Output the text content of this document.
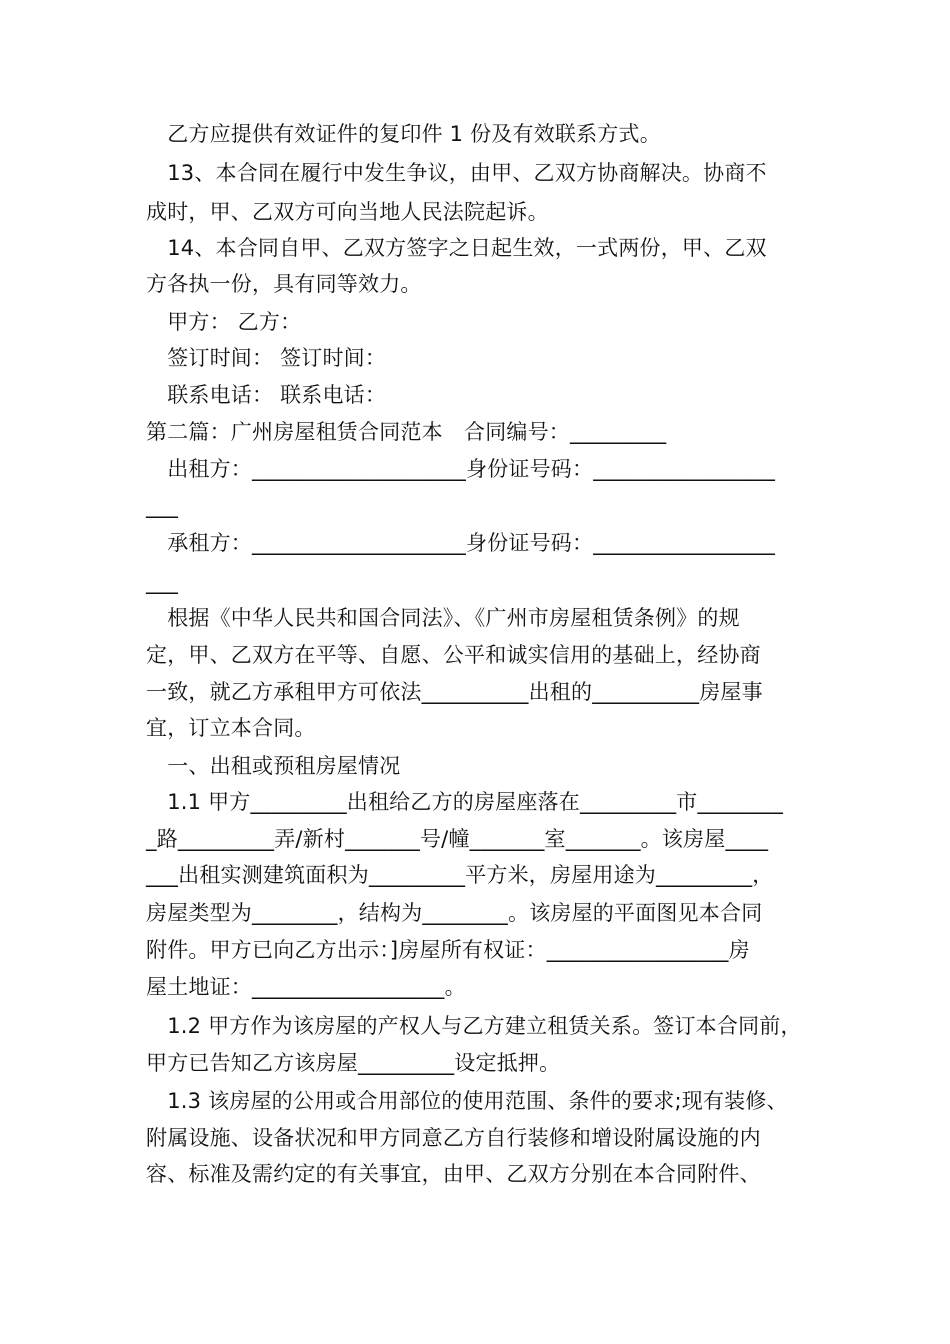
　乙方应提供有效证件的复印件 1 份及有效联系方式。
　13、本合同在履行中发生争议，由甲、乙双方协商解决。协商不
成时，甲、乙双方可向当地人民法院起诉。
　14、本合同自甲、乙双方签字之日起生效，一式两份，甲、乙双
方各执一份，具有同等效力。
　甲方： 乙方：
　签订时间： 签订时间：
　联系电话： 联系电话：
第二篇：广州房屋租赁合同范本　合同编号：_________
　出租方：____________________身份证号码：_________________
___
　承租方：____________________身份证号码：_________________
___
　根据《中华人民共和国合同法》、《广州市房屋租赁条例》的规
定，甲、乙双方在平等、自愿、公平和诚实信用的基础上，经协商
一致，就乙方承租甲方可依法__________出租的__________房屋事
宜，订立本合同。
　一、出租或预租房屋情况
　1.1 甲方_________出租给乙方的房屋座落在_________市________
_路_________弄/新村_______号/幢_______室_______。该房屋____
___出租实测建筑面积为_________平方米，房屋用途为_________，
房屋类型为________，结构为________。该房屋的平面图见本合同
附件。甲方已向乙方出示：]房屋所有权证：_________________房
屋土地证：__________________。
　1.2 甲方作为该房屋的产权人与乙方建立租赁关系。签订本合同前，
甲方已告知乙方该房屋_________设定抵押。
　1.3 该房屋的公用或合用部位的使用范围、条件的要求;现有装修、
附属设施、设备状况和甲方同意乙方自行装修和增设附属设施的内
容、标准及需约定的有关事宜，由甲、乙双方分别在本合同附件、
